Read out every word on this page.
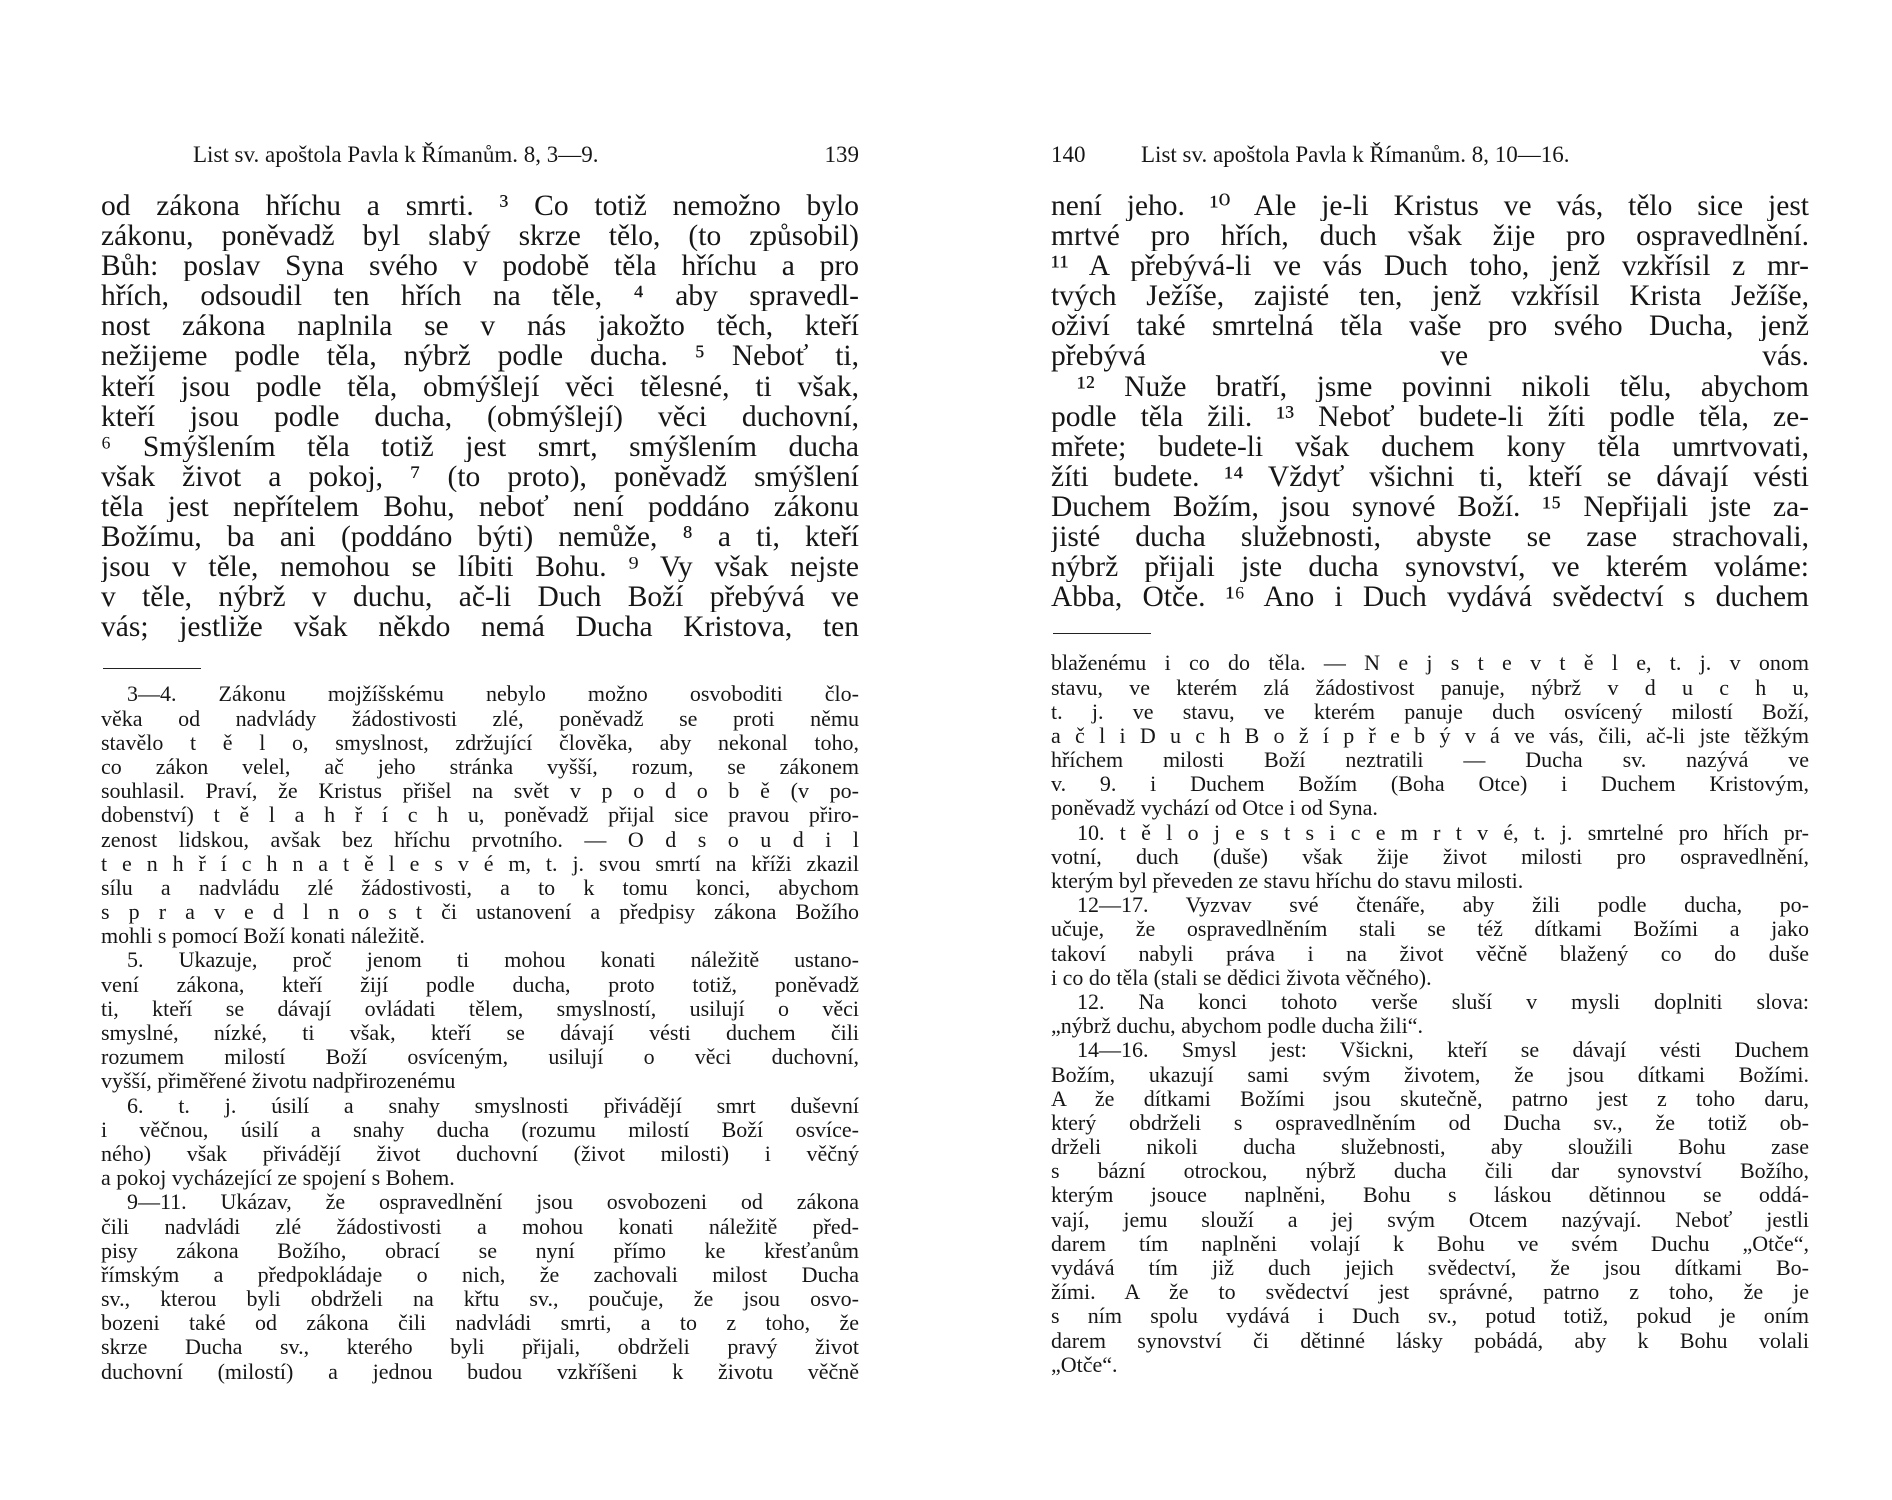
List sv. apoštola Pavla k Římanům. 8, 3—9.	139
od zákona hříchu a smrti. ³ Co totiž nemožno bylo
zákonu, poněvadž byl slabý skrze tělo, (to způsobil)
Bůh: poslav Syna svého v podobě těla hříchu a pro
hřích, odsoudil ten hřích na těle, ⁴ aby spravedl-
nost zákona naplnila se v nás jakožto těch, kteří
nežijeme podle těla, nýbrž podle ducha. ⁵ Neboť ti,
kteří jsou podle těla, obmýšlejí věci tělesné, ti však,
kteří jsou podle ducha, (obmýšlejí) věci duchovní,
⁶ Smýšlením těla totiž jest smrt, smýšlením ducha
však život a pokoj, ⁷ (to proto), poněvadž smýšlení
těla jest nepřítelem Bohu, neboť není poddáno zákonu
Božímu, ba ani (poddáno býti) nemůže, ⁸ a ti, kteří
jsou v těle, nemohou se líbiti Bohu. ⁹ Vy však nejste
v těle, nýbrž v duchu, ač-li Duch Boží přebývá ve
vás; jestliže však někdo nemá Ducha Kristova, ten
3—4. Zákonu mojžíšskému nebylo možno osvoboditi člo-
věka od nadvlády žádostivosti zlé, poněvadž se proti němu
stavělo t ě l o, smyslnost, zdržující člověka, aby nekonal toho,
co zákon velel, ač jeho stránka vyšší, rozum, se zákonem
souhlasil. Praví, že Kristus přišel na svět v p o d o b ě (v po-
dobenství) t ě l a h ř í c h u, poněvadž přijal sice pravou přiro-
zenost lidskou, avšak bez hříchu prvotního. — O d s o u d i l
t e n h ř í c h n a t ě l e s v é m, t. j. svou smrtí na kříži zkazil
sílu a nadvládu zlé žádostivosti, a to k tomu konci, abychom
s p r a v e d l n o s t či ustanovení a předpisy zákona Božího
mohli s pomocí Boží konati náležitě.
5. Ukazuje, proč jenom ti mohou konati náležitě ustano-
vení zákona, kteří žijí podle ducha, proto totiž, poněvadž
ti, kteří se dávají ovládati tělem, smyslností, usilují o věci
smyslné, nízké, ti však, kteří se dávají vésti duchem čili
rozumem milostí Boží osvíceným, usilují o věci duchovní,
vyšší, přiměřené životu nadpřirozenému
6. t. j. úsilí a snahy smyslnosti přivádějí smrt duševní
i věčnou, úsilí a snahy ducha (rozumu milostí Boží osvíce-
ného) však přivádějí život duchovní (život milosti) i věčný
a pokoj vycházející ze spojení s Bohem.
9—11. Ukázav, že ospravedlnění jsou osvobozeni od zákona
čili nadvládi zlé žádostivosti a mohou konati náležitě před-
pisy zákona Božího, obrací se nyní přímo ke křesťanům
římským a předpokládaje o nich, že zachovali milost Ducha
sv., kterou byli obdrželi na křtu sv., poučuje, že jsou osvo-
bozeni také od zákona čili nadvládi smrti, a to z toho, že
skrze Ducha sv., kterého byli přijali, obdrželi pravý život
duchovní (milostí) a jednou budou vzkříšeni k životu věčně
140 List sv. apoštola Pavla k Římanům. 8, 10—16.
není jeho. ¹⁰ Ale je-li Kristus ve vás, tělo sice jest
mrtvé pro hřích, duch však žije pro ospravedlnění.
¹¹ A přebývá-li ve vás Duch toho, jenž vzkřísil z mr-
tvých Ježíše, zajisté ten, jenž vzkřísil Krista Ježíše,
oživí také smrtelná těla vaše pro svého Ducha, jenž
přebývá ve vás.
¹² Nuže bratří, jsme povinni nikoli tělu, abychom
podle těla žili. ¹³ Neboť budete-li žíti podle těla, ze-
mřete; budete-li však duchem kony těla umrtvovati,
žíti budete. ¹⁴ Vždyť všichni ti, kteří se dávají vésti
Duchem Božím, jsou synové Boží. ¹⁵ Nepřijali jste za-
jisté ducha služebnosti, abyste se zase strachovali,
nýbrž přijali jste ducha synovství, ve kterém voláme:
Abba, Otče. ¹⁶ Ano i Duch vydává svědectví s duchem
blaženému i co do těla. — N e j s t e v t ě l e, t. j. v onom
stavu, ve kterém zlá žádostivost panuje, nýbrž v d u c h u,
t. j. ve stavu, ve kterém panuje duch osvícený milostí Boží,
a č l i D u c h B o ž í p ř e b ý v á ve vás, čili, ač-li jste těžkým
hříchem milosti Boží neztratili — Ducha sv. nazývá ve
v. 9. i Duchem Božím (Boha Otce) i Duchem Kristovým,
poněvadž vychází od Otce i od Syna.
10. t ě l o j e s t s i c e m r t v é, t. j. smrtelné pro hřích pr-
votní, duch (duše) však žije život milosti pro ospravedlnění,
kterým byl převeden ze stavu hříchu do stavu milosti.
12—17. Vyzvav své čtenáře, aby žili podle ducha, po-
učuje, že ospravedlněním stali se též dítkami Božími a jako
takoví nabyli práva i na život věčně blažený co do duše
i co do těla (stali se dědici života věčného).
12. Na konci tohoto verše sluší v mysli doplniti slova:
„nýbrž duchu, abychom podle ducha žili“.
14—16. Smysl jest: Všickni, kteří se dávají vésti Duchem
Božím, ukazují sami svým životem, že jsou dítkami Božími.
A že dítkami Božími jsou skutečně, patrno jest z toho daru,
který obdrželi s ospravedlněním od Ducha sv., že totiž ob-
drželi nikoli ducha služebnosti, aby sloužili Bohu zase
s bázní otrockou, nýbrž ducha čili dar synovství Božího,
kterým jsouce naplněni, Bohu s láskou dětinnou se oddá-
vají, jemu slouží a jej svým Otcem nazývají. Neboť jestli
darem tím naplněni volají k Bohu ve svém Duchu „Otče“,
vydává tím již duch jejich svědectví, že jsou dítkami Bo-
žími. A že to svědectví jest správné, patrno z toho, že je
s ním spolu vydává i Duch sv., potud totiž, pokud je oním
darem synovství či dětinné lásky pobádá, aby k Bohu volali
„Otče“.
